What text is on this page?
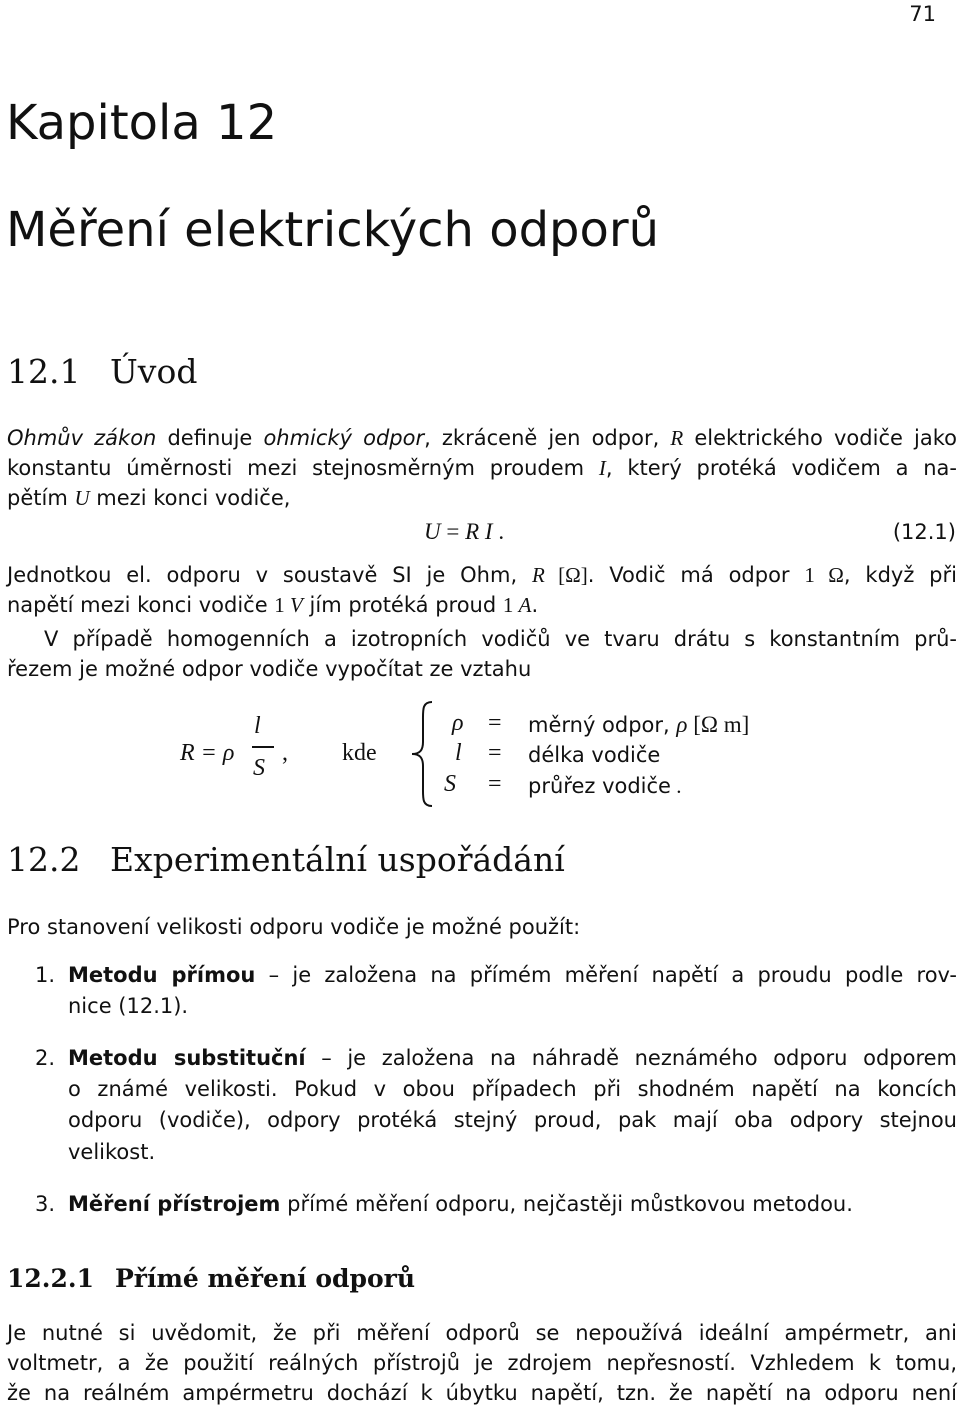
71
Kapitola 12
Měření elektrických odporů
12.1 Úvod
Ohmův zákon definuje ohmický odpor, zkráceně jen odpor, R elektrického vodiče jako
konstantu úměrnosti mezi stejnosměrným proudem I, který protéká vodičem a na-
pětím U mezi konci vodiče,
U = R I .	(12.1)
Jednotkou el. odporu v soustavě SI je Ohm, R [Ω]. Vodič má odpor 1 Ω, když při
napětí mezi konci vodiče 1 V jím protéká proud 1 A.
V případě homogenních a izotropních vodičů ve tvaru drátu s konstantním prů-
řezem je možné odpor vodiče vypočítat ze vztahu
R = ρ
l
S
, kde
ρ = měrný odpor, ρ [Ω m]
l = délka vodiče
S = průřez vodiče .
12.2 Experimentální uspořádání
Pro stanovení velikosti odporu vodiče je možné použít:
1. Metodu přímou – je založena na přímém měření napětí a proudu podle rov-
nice (12.1).
2. Metodu substituční – je založena na náhradě neznámého odporu odporem
o známé velikosti. Pokud v obou případech při shodném napětí na koncích
odporu (vodiče), odpory protéká stejný proud, pak mají oba odpory stejnou
velikost.
3. Měření přístrojem přímé měření odporu, nejčastěji můstkovou metodou.
12.2.1 Přímé měření odporů
Je nutné si uvědomit, že při měření odporů se nepoužívá ideální ampérmetr, ani
voltmetr, a že použití reálných přístrojů je zdrojem nepřesností. Vzhledem k tomu,
že na reálném ampérmetru dochází k úbytku napětí, tzn. že napětí na odporu není
